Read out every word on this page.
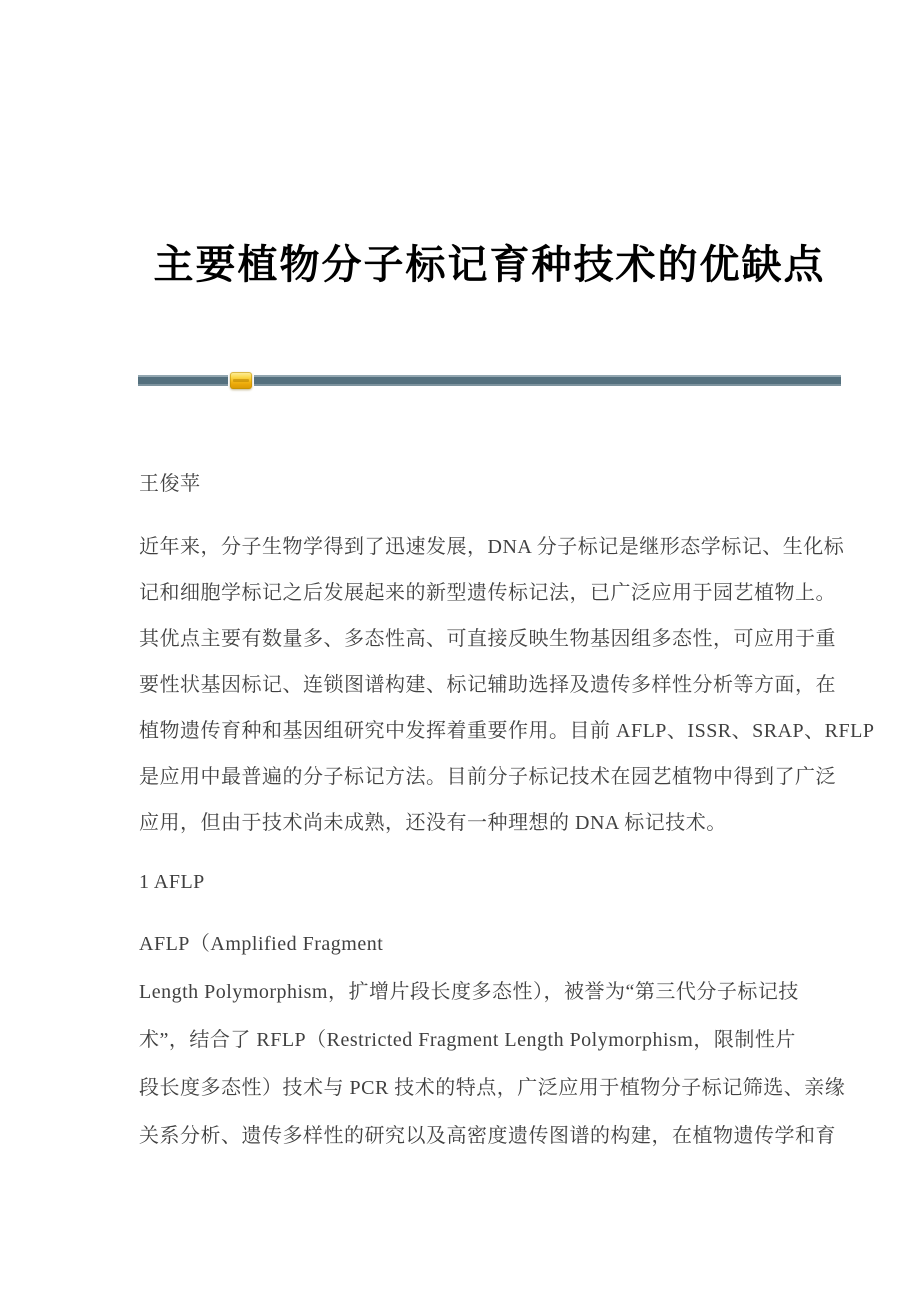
主要植物分子标记育种技术的优缺点
王俊苹
近年来，分子生物学得到了迅速发展，DNA 分子标记是继形态学标记、生化标
记和细胞学标记之后发展起来的新型遗传标记法，已广泛应用于园艺植物上。
其优点主要有数量多、多态性高、可直接反映生物基因组多态性，可应用于重
要性状基因标记、连锁图谱构建、标记辅助选择及遗传多样性分析等方面，在
植物遗传育种和基因组研究中发挥着重要作用。目前 AFLP、ISSR、SRAP、RFLP
是应用中最普遍的分子标记方法。目前分子标记技术在园艺植物中得到了广泛
应用，但由于技术尚未成熟，还没有一种理想的 DNA 标记技术。
1 AFLP
AFLP（Amplified Fragment
Length Polymorphism，扩增片段长度多态性），被誉为“第三代分子标记技
术”，结合了 RFLP（Restricted Fragment Length Polymorphism，限制性片
段长度多态性）技术与 PCR 技术的特点，广泛应用于植物分子标记筛选、亲缘
关系分析、遗传多样性的研究以及高密度遗传图谱的构建，在植物遗传学和育
